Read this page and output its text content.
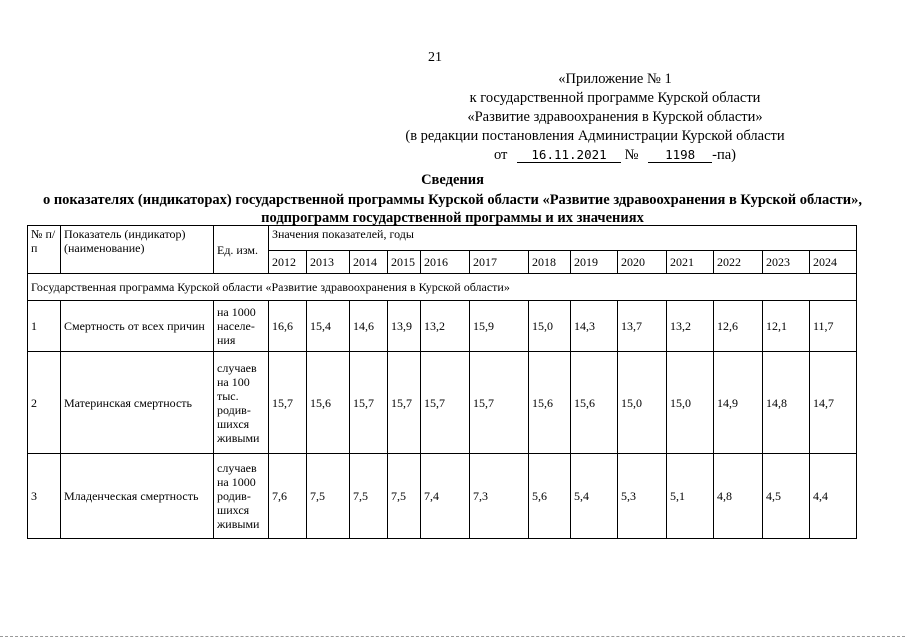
21
«Приложение № 1
к государственной программе Курской области
«Развитие здравоохранения в Курской области»
(в редакции постановления Администрации Курской области
от 16.11.2021 № 1198 -па)
Сведения
о показателях (индикаторах) государственной программы Курской области «Развитие здравоохранения в Курской области», подпрограмм государственной программы и их значениях
№ п/п	Показатель (индикатор) (наименование)	Ед. изм.	Значения показателей, годы												
			2012	2013	2014	2015	2016	2017	2018	2019	2020	2021	2022	2023	2024
Государственная программа Курской области «Развитие здравоохранения в Курской области»															
1	Смертность от всех причин	на 1000 населе-ния	16,6	15,4	14,6	13,9	13,2	15,9	15,0	14,3	13,7	13,2	12,6	12,1	11,7
2	Материнская смертность	случаев на 100 тыс. родив-шихся живыми	15,7	15,6	15,7	15,7	15,7	15,7	15,6	15,6	15,0	15,0	14,9	14,8	14,7
3	Младенческая смертность	случаев на 1000 родив-шихся живыми	7,6	7,5	7,5	7,5	7,4	7,3	5,6	5,4	5,3	5,1	4,8	4,5	4,4
